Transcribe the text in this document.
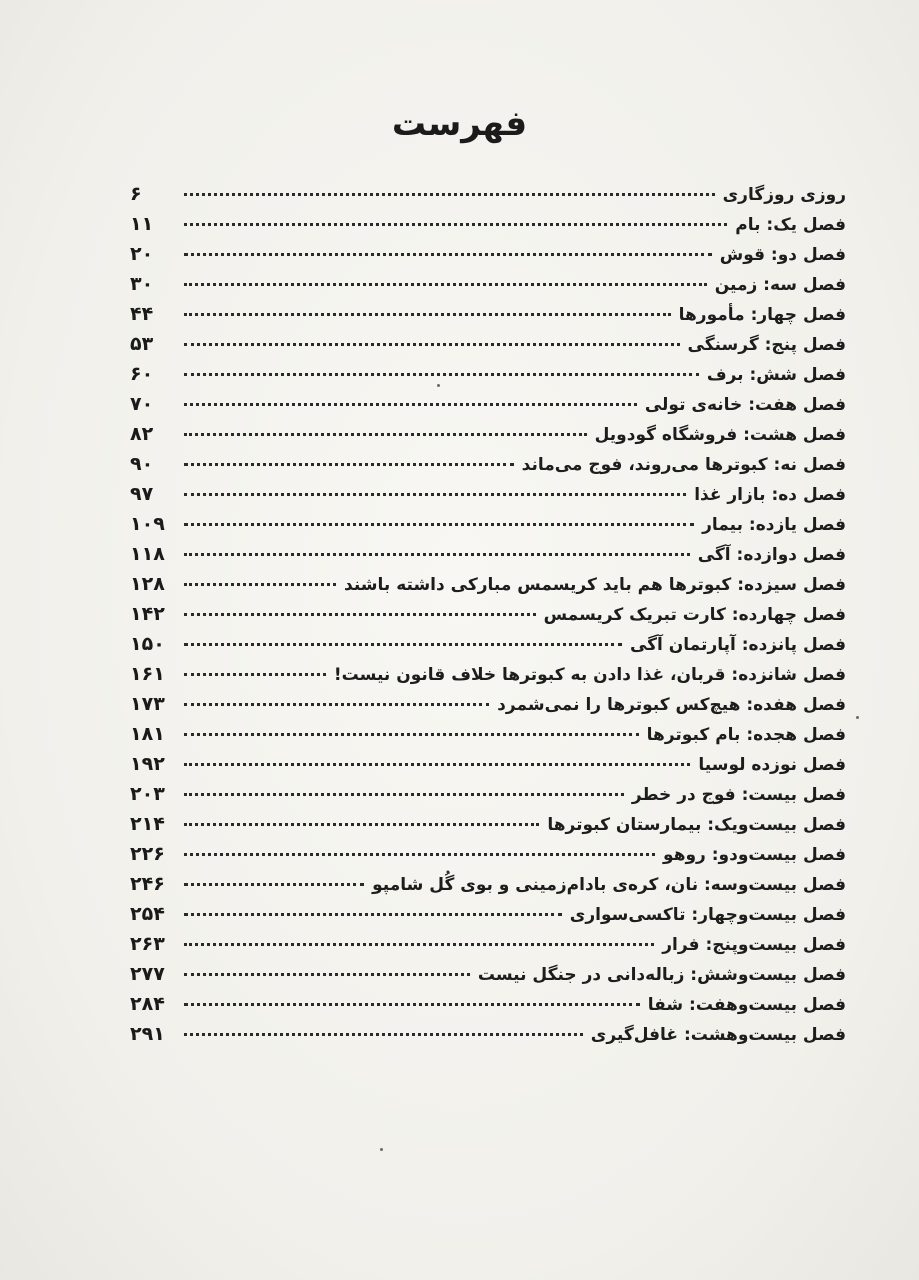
فهرست
۶	روزی روزگاری
۱۱	فصل یک: بام
۲۰	فصل دو: قوش
۳۰	فصل سه: زمین
۴۴	فصل چهار: مأمورها
۵۳	فصل پنج: گرسنگی
۶۰	فصل شش: برف
۷۰	فصل هفت: خانه‌ی تولی
۸۲	فصل هشت: فروشگاه گودویل
۹۰	فصل نه: کبوترها می‌روند، فوج می‌ماند
۹۷	فصل ده: بازار غذا
۱۰۹	فصل یازده: بیمار
۱۱۸	فصل دوازده: آگی
۱۲۸	فصل سیزده: کبوترها هم باید کریسمس مبارکی داشته باشند
۱۴۲	فصل چهارده: کارت تبریک کریسمس
۱۵۰	فصل پانزده: آپارتمان آگی
۱۶۱	فصل شانزده: قربان، غذا دادن به کبوترها خلاف قانون نیست!
۱۷۳	فصل هفده: هیچ‌کس کبوترها را نمی‌شمرد
۱۸۱	فصل هجده: بام کبوترها
۱۹۲	فصل نوزده لوسیا
۲۰۳	فصل بیست: فوج در خطر
۲۱۴	فصل بیست‌ویک: بیمارستان کبوترها
۲۲۶	فصل بیست‌ودو: روهو
۲۴۶	فصل بیست‌وسه: نان، کره‌ی بادام‌زمینی و بوی گُل شامپو
۲۵۴	فصل بیست‌وچهار: تاکسی‌سواری
۲۶۳	فصل بیست‌وپنج: فرار
۲۷۷	فصل بیست‌وشش: زباله‌دانی در جنگل نیست
۲۸۴	فصل بیست‌وهفت: شفا
۲۹۱	فصل بیست‌وهشت: غافل‌گیری
